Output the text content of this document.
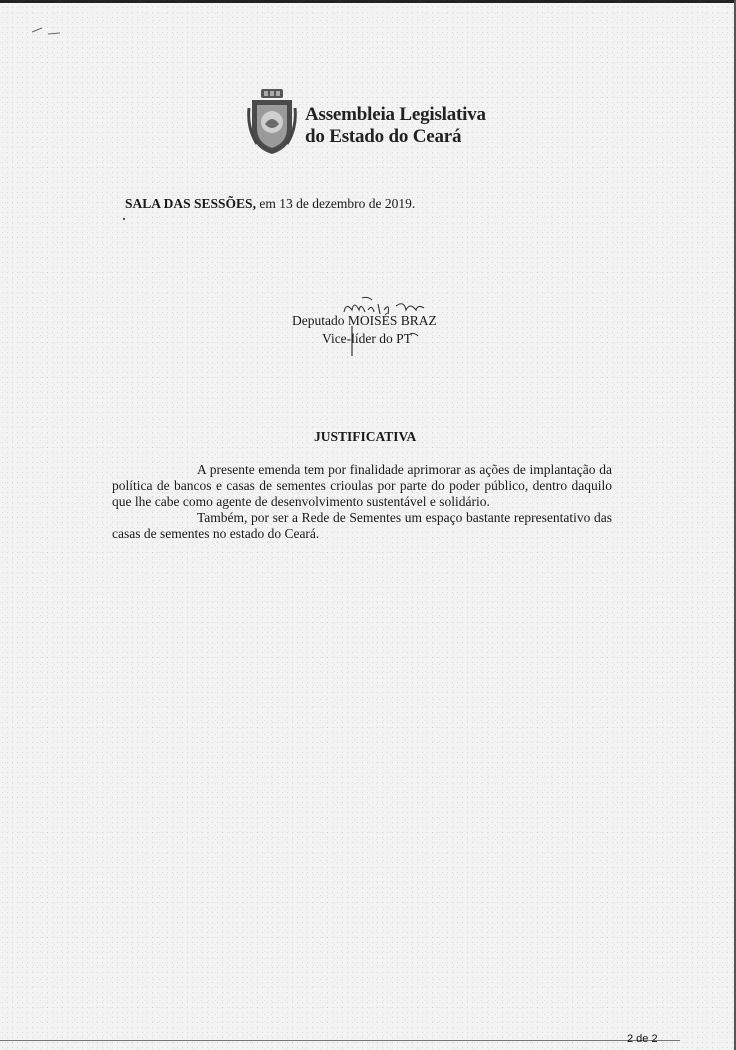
Assembleia Legislativa
do Estado do Ceará
SALA DAS SESSÕES, em 13 de dezembro de 2019.
Deputado MOISÉS BRAZ
Vice-líder do PT
JUSTIFICATIVA

A presente emenda tem por finalidade aprimorar as ações de implantação da política de bancos e casas de sementes crioulas por parte do poder público, dentro daquilo que lhe cabe como agente de desenvolvimento sustentável e solidário.

Também, por ser a Rede de Sementes um espaço bastante representativo das casas de sementes no estado do Ceará.

2 de 2
